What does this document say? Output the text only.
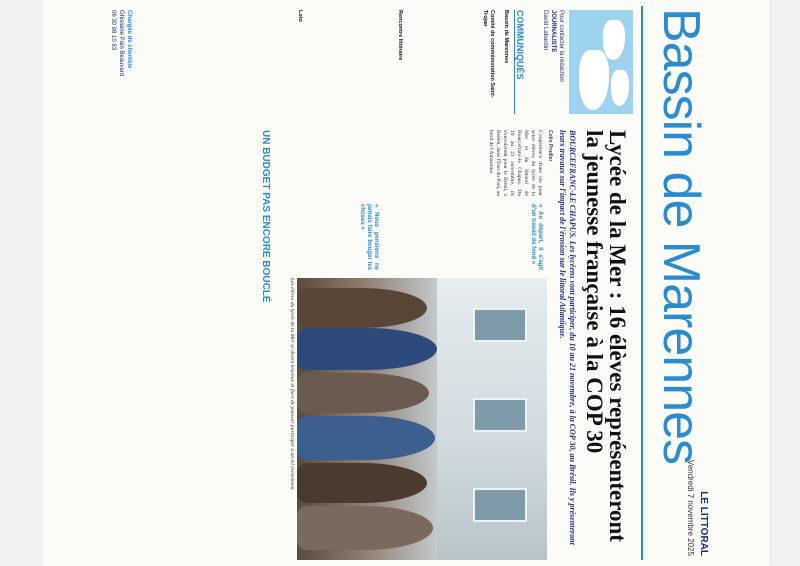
Bassin de Marennes
LE LITTORAL
Vendredi 7 novembre 2025
Pour contacter la rédaction
JOURNALISTE
David Labardin
COMMUNIQUÉS
Bassin de Marennes
Comité de commémoration Saint-Trojan
Rencontre littéraire
Loto
Chargée de clientèle
Ghislaine Pain Beauvard
06 30 98 10 83
Lycée de la Mer : 16 élèves représenteront la jeunesse française à la COP 30
BOURCEFRANC-LE CHAPUS. Les lycéens vont participer, du 10 au 21 novembre, à la COP 30, au Brésil. Ils y présenteront leurs travaux sur l'impact de l'érosion sur le littoral Atlantique.
Colin Prudler
L'expérience d'une vie pour seize élèves du lycée de la Mer et du littoral de Bourcefranc-le Chapus. Du 10 au 21 novembre, ils s'envoleront pour le Brésil, à Belém, dans l'État du Pará, au bord de l'Amazonie.
« Au départ, il s'agit d'un travail de fond »
« Nous pensions ne jamais faire bouger les choses »
Les élèves du lycée de la Mer se disent heureux et fiers de pouvoir participer à un tel événement.
UN BUDGET PAS ENCORE BOUCLÉ
